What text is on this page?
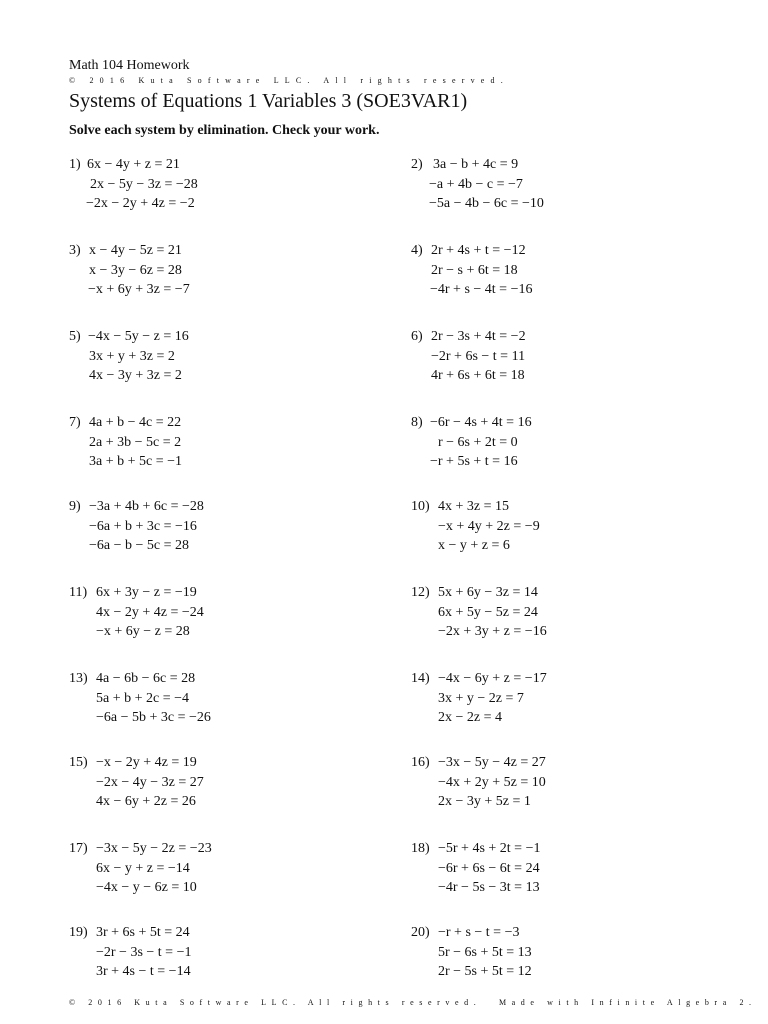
Math 104 Homework
© 2016 Kuta Software LLC. All rights reserved.
Systems of Equations 1 Variables 3 (SOE3VAR1)
Solve each system by elimination. Check your work.
1) 6x − 4y + z = 21
2x − 5y − 3z = −28
−2x − 2y + 4z = −2
2) 3a − b + 4c = 9
−a + 4b − c = −7
−5a − 4b − 6c = −10
3) x − 4y − 5z = 21
x − 3y − 6z = 28
−x + 6y + 3z = −7
4) 2r + 4s + t = −12
2r − s + 6t = 18
−4r + s − 4t = −16
5) −4x − 5y − z = 16
3x + y + 3z = 2
4x − 3y + 3z = 2
6) 2r − 3s + 4t = −2
−2r + 6s − t = 11
4r + 6s + 6t = 18
7) 4a + b − 4c = 22
2a + 3b − 5c = 2
3a + b + 5c = −1
8) −6r − 4s + 4t = 16
r − 6s + 2t = 0
−r + 5s + t = 16
9) −3a + 4b + 6c = −28
−6a + b + 3c = −16
−6a − b − 5c = 28
10) 4x + 3z = 15
−x + 4y + 2z = −9
x − y + z = 6
11) 6x + 3y − z = −19
4x − 2y + 4z = −24
−x + 6y − z = 28
12) 5x + 6y − 3z = 14
6x + 5y − 5z = 24
−2x + 3y + z = −16
13) 4a − 6b − 6c = 28
5a + b + 2c = −4
−6a − 5b + 3c = −26
14) −4x − 6y + z = −17
3x + y − 2z = 7
2x − 2z = 4
15) −x − 2y + 4z = 19
−2x − 4y − 3z = 27
4x − 6y + 2z = 26
16) −3x − 5y − 4z = 27
−4x + 2y + 5z = 10
2x − 3y + 5z = 1
17) −3x − 5y − 2z = −23
6x − y + z = −14
−4x − y − 6z = 10
18) −5r + 4s + 2t = −1
−6r + 6s − 6t = 24
−4r − 5s − 3t = 13
19) 3r + 6s + 5t = 24
−2r − 3s − t = −1
3r + 4s − t = −14
20) −r + s − t = −3
5r − 6s + 5t = 13
2r − 5s + 5t = 12
© 2016 Kuta Software LLC. All rights reserved. Made with Infinite Algebra 2.
